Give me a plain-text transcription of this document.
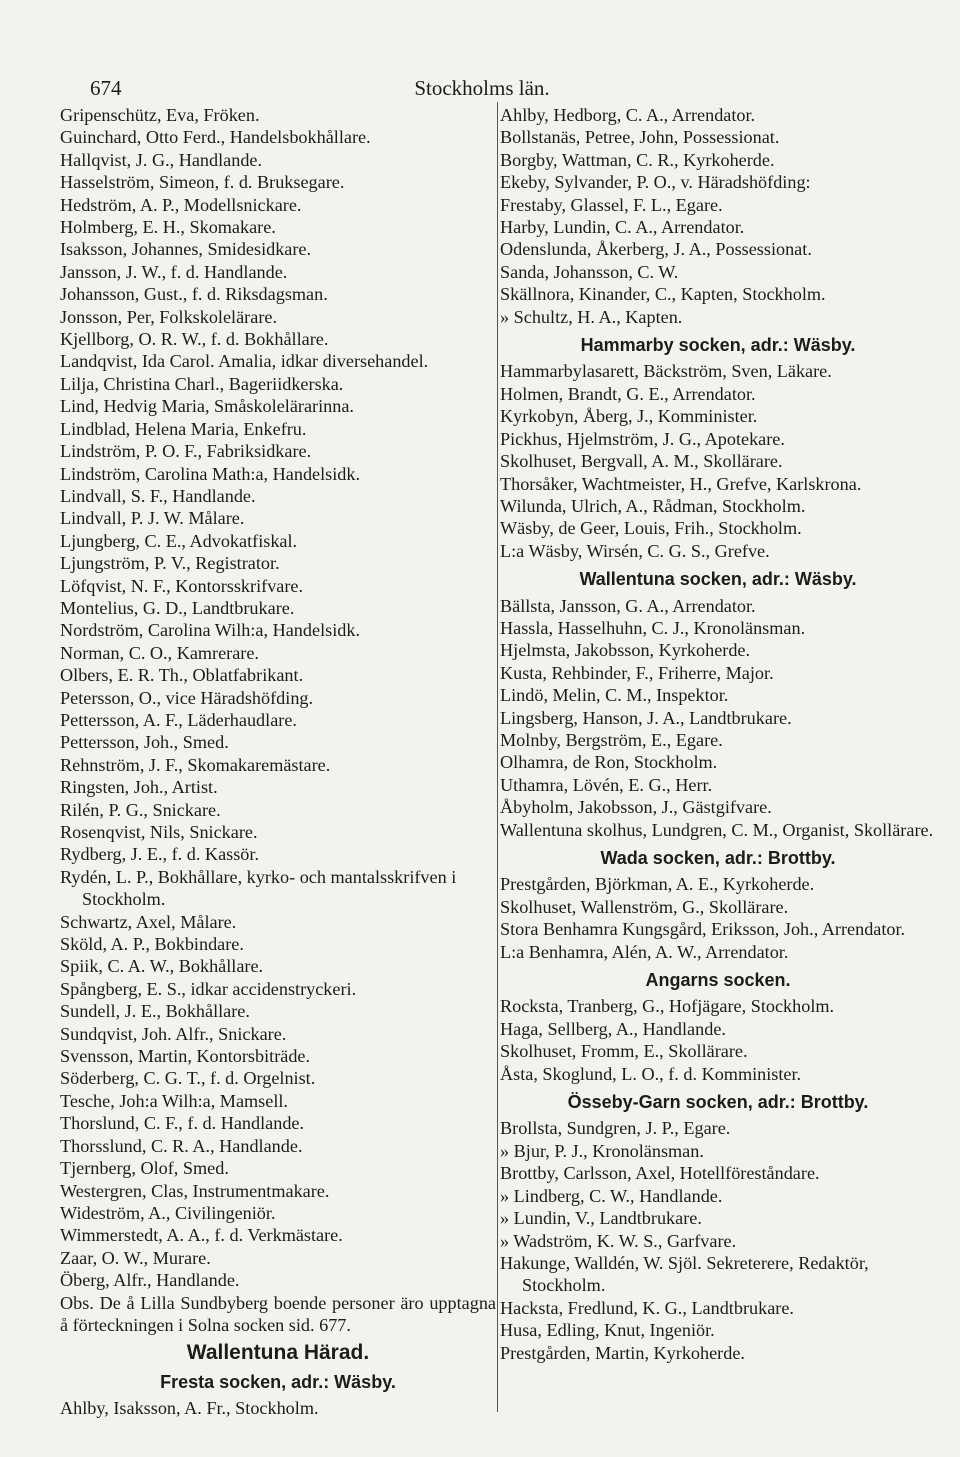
674	Stockholms län.
Gripenschütz, Eva, Fröken.
Guinchard, Otto Ferd., Handelsbokhållare.
Hallqvist, J. G., Handlande.
Hasselström, Simeon, f. d. Bruksegare.
Hedström, A. P., Modellsnickare.
Holmberg, E. H., Skomakare.
Isaksson, Johannes, Smidesidkare.
Jansson, J. W., f. d. Handlande.
Johansson, Gust., f. d. Riksdagsman.
Jonsson, Per, Folkskolelärare.
Kjellborg, O. R. W., f. d. Bokhållare.
Landqvist, Ida Carol. Amalia, idkar diversehandel.
Lilja, Christina Charl., Bageriidkerska.
Lind, Hedvig Maria, Småskolelärarinna.
Lindblad, Helena Maria, Enkefru.
Lindström, P. O. F., Fabriksidkare.
Lindström, Carolina Math:a, Handelsidk.
Lindvall, S. F., Handlande.
Lindvall, P. J. W. Målare.
Ljungberg, C. E., Advokatfiskal.
Ljungström, P. V., Registrator.
Löfqvist, N. F., Kontorsskrifvare.
Montelius, G. D., Landtbrukare.
Nordström, Carolina Wilh:a, Handelsidk.
Norman, C. O., Kamrerare.
Olbers, E. R. Th., Oblatfabrikant.
Petersson, O., vice Häradshöfding.
Pettersson, A. F., Läderhaudlare.
Pettersson, Joh., Smed.
Rehnström, J. F., Skomakaremästare.
Ringsten, Joh., Artist.
Rilén, P. G., Snickare.
Rosenqvist, Nils, Snickare.
Rydberg, J. E., f. d. Kassör.
Rydén, L. P., Bokhållare, kyrko- och mantalsskrifven i Stockholm.
Schwartz, Axel, Målare.
Sköld, A. P., Bokbindare.
Spiik, C. A. W., Bokhållare.
Spångberg, E. S., idkar accidenstryckeri.
Sundell, J. E., Bokhållare.
Sundqvist, Joh. Alfr., Snickare.
Svensson, Martin, Kontorsbiträde.
Söderberg, C. G. T., f. d. Orgelnist.
Tesche, Joh:a Wilh:a, Mamsell.
Thorslund, C. F., f. d. Handlande.
Thorsslund, C. R. A., Handlande.
Tjernberg, Olof, Smed.
Westergren, Clas, Instrumentmakare.
Wideström, A., Civilingeniör.
Wimmerstedt, A. A., f. d. Verkmästare.
Zaar, O. W., Murare.
Öberg, Alfr., Handlande.
Obs. De å Lilla Sundbyberg boende personer äro upptagna å förteckningen i Solna socken sid. 677.
Wallentuna Härad.
Fresta socken, adr.: Wäsby.
Ahlby, Isaksson, A. Fr., Stockholm.
Ahlby, Hedborg, C. A., Arrendator.
Bollstanäs, Petree, John, Possessionat.
Borgby, Wattman, C. R., Kyrkoherde.
Ekeby, Sylvander, P. O., v. Häradshöfding:
Frestaby, Glassel, F. L., Egare.
Harby, Lundin, C. A., Arrendator.
Odenslunda, Åkerberg, J. A., Possessionat.
Sanda, Johansson, C. W.
Skällnora, Kinander, C., Kapten, Stockholm.
» Schultz, H. A., Kapten.
Hammarby socken, adr.: Wäsby.
Hammarbylasarett, Bäckström, Sven, Läkare.
Holmen, Brandt, G. E., Arrendator.
Kyrkobyn, Åberg, J., Komminister.
Pickhus, Hjelmström, J. G., Apotekare.
Skolhuset, Bergvall, A. M., Skollärare.
Thorsåker, Wachtmeister, H., Grefve, Karlskrona.
Wilunda, Ulrich, A., Rådman, Stockholm.
Wäsby, de Geer, Louis, Frih., Stockholm.
L:a Wäsby, Wirsén, C. G. S., Grefve.
Wallentuna socken, adr.: Wäsby.
Bällsta, Jansson, G. A., Arrendator.
Hassla, Hasselhuhn, C. J., Kronolänsman.
Hjelmsta, Jakobsson, Kyrkoherde.
Kusta, Rehbinder, F., Friherre, Major.
Lindö, Melin, C. M., Inspektor.
Lingsberg, Hanson, J. A., Landtbrukare.
Molnby, Bergström, E., Egare.
Olhamra, de Ron, Stockholm.
Uthamra, Lövén, E. G., Herr.
Åbyholm, Jakobsson, J., Gästgifvare.
Wallentuna skolhus, Lundgren, C. M., Organist, Skollärare.
Wada socken, adr.: Brottby.
Prestgården, Björkman, A. E., Kyrkoherde.
Skolhuset, Wallenström, G., Skollärare.
Stora Benhamra Kungsgård, Eriksson, Joh., Arrendator.
L:a Benhamra, Alén, A. W., Arrendator.
Angarns socken.
Rocksta, Tranberg, G., Hofjägare, Stockholm.
Haga, Sellberg, A., Handlande.
Skolhuset, Fromm, E., Skollärare.
Åsta, Skoglund, L. O., f. d. Komminister.
Össeby-Garn socken, adr.: Brottby.
Brollsta, Sundgren, J. P., Egare.
» Bjur, P. J., Kronolänsman.
Brottby, Carlsson, Axel, Hotellföreståndare.
» Lindberg, C. W., Handlande.
» Lundin, V., Landtbrukare.
» Wadström, K. W. S., Garfvare.
Hakunge, Walldén, W. Sjöl. Sekreterere, Redaktör, Stockholm.
Hacksta, Fredlund, K. G., Landtbrukare.
Husa, Edling, Knut, Ingeniör.
Prestgården, Martin, Kyrkoherde.
